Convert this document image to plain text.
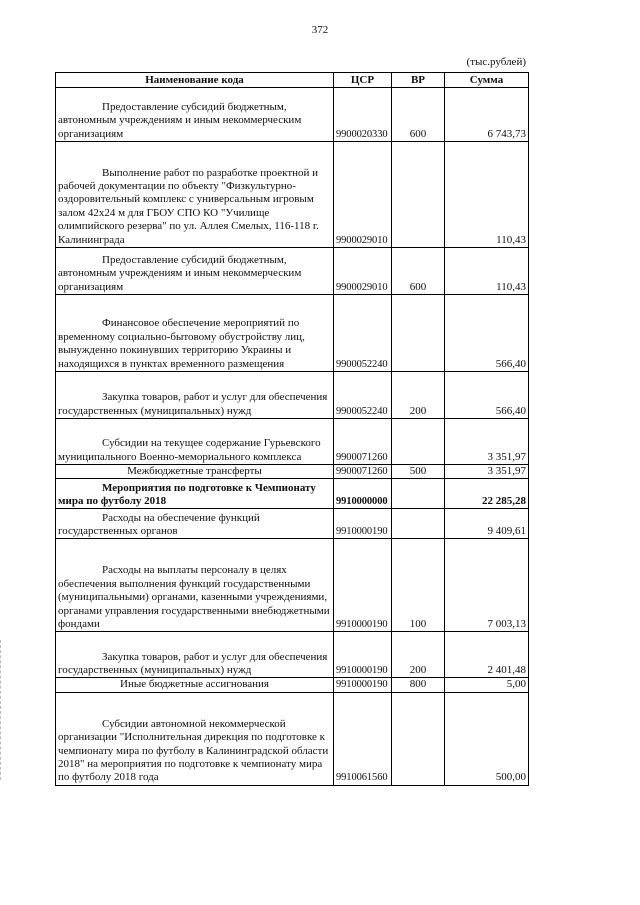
372
(тыс.рублей)
Наименование кода	ЦСР	ВР	Сумма
Предоставление субсидий бюджетным, автономным учреждениям и иным некоммерческим организациям	9900020330	600	6 743,73
Выполнение работ по разработке проектной и рабочей документации по объекту "Физкультурно-оздоровительный комплекс с универсальным игровым залом 42х24 м для ГБОУ СПО КО "Училище олимпийского резерва" по ул. Аллея Смелых, 116-118 г. Калининграда	9900029010		110,43
Предоставление субсидий бюджетным, автономным учреждениям и иным некоммерческим организациям	9900029010	600	110,43
Финансовое обеспечение мероприятий по временному социально-бытовому обустройству лиц, вынужденно покинувших территорию Украины и находящихся в пунктах временного размещения	9900052240		566,40
Закупка товаров, работ и услуг для обеспечения государственных (муниципальных) нужд	9900052240	200	566,40
Субсидии на текущее содержание Гурьевского муниципального Военно-мемориального комплекса	9900071260		3 351,97
Межбюджетные трансферты	9900071260	500	3 351,97
Мероприятия по подготовке к Чемпионату мира по футболу 2018	9910000000		22 285,28
Расходы на обеспечение функций государственных органов	9910000190		9 409,61
Расходы на выплаты персоналу в целях обеспечения выполнения функций государственными (муниципальными) органами, казенными учреждениями, органами управления государственными внебюджетными фондами	9910000190	100	7 003,13
Закупка товаров, работ и услуг для обеспечения государственных (муниципальных) нужд	9910000190	200	2 401,48
Иные бюджетные ассигнования	9910000190	800	5,00
Субсидии автономной некоммерческой организации "Исполнительная дирекция по подготовке к чемпионату мира по футболу в Калининградской области 2018" на мероприятия по подготовке к чемпионату мира по футболу 2018 года	9910061560		500,00
